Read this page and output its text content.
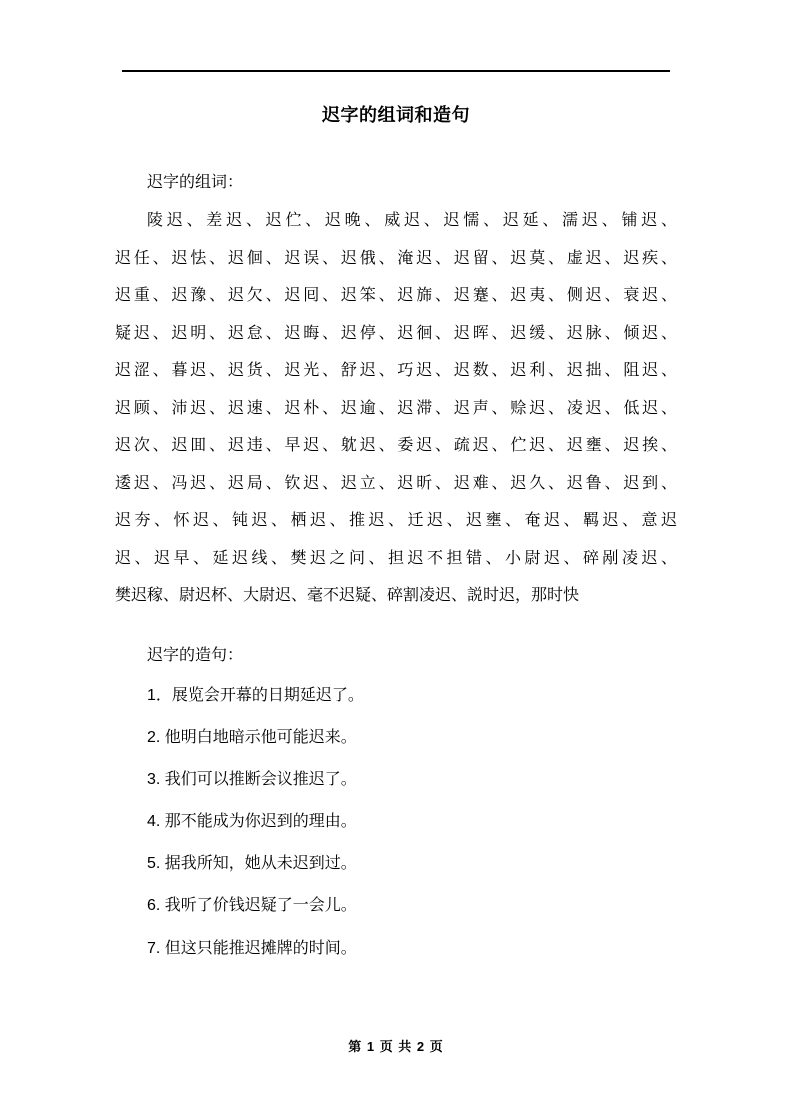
迟字的组词和造句

迟字的组词：

陵迟、差迟、迟伫、迟晚、威迟、迟懦、迟延、濡迟、铺迟、
迟任、迟怯、迟佪、迟误、迟俄、淹迟、迟留、迟莫、虚迟、迟疾、
迟重、迟豫、迟欠、迟囘、迟笨、迟旆、迟蹇、迟夷、侧迟、衰迟、
疑迟、迟明、迟怠、迟晦、迟停、迟徊、迟晖、迟缓、迟脉、倾迟、
迟涩、暮迟、迟货、迟光、舒迟、巧迟、迟数、迟利、迟拙、阻迟、
迟顾、沛迟、迟速、迟朴、迟逾、迟滞、迟声、赊迟、凌迟、低迟、
迟次、迟囬、迟违、早迟、躭迟、委迟、疏迟、伫迟、迟壅、迟挨、
逶迟、冯迟、迟局、钦迟、迟立、迟昕、迟难、迟久、迟鲁、迟到、
迟夯、怀迟、钝迟、栖迟、推迟、迁迟、迟壅、奄迟、羁迟、意迟
迟、迟早、延迟线、樊迟之问、担迟不担错、小尉迟、碎剐凌迟、
樊迟稼、尉迟杯、大尉迟、毫不迟疑、碎割凌迟、説时迟，那时快

迟字的造句：

1．展览会开幕的日期延迟了。

2. 他明白地暗示他可能迟来。

3. 我们可以推断会议推迟了。

4. 那不能成为你迟到的理由。

5. 据我所知，她从未迟到过。

6. 我听了价钱迟疑了一会儿。

7. 但这只能推迟摊牌的时间。

第 1 页 共 2 页
